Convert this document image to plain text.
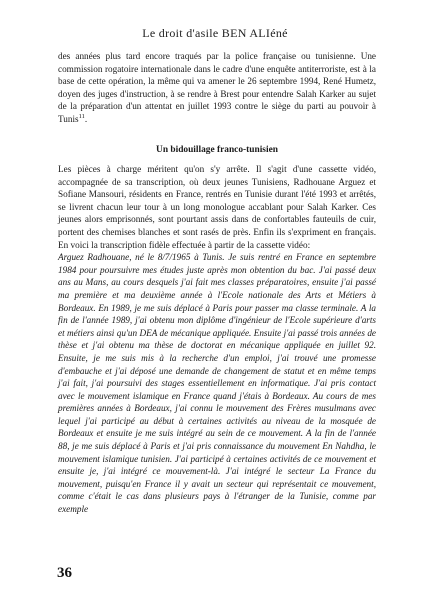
Le droit d'asile BEN ALIéné

des années plus tard encore traqués par la police française ou tunisienne. Une commission rogatoire internationale dans le cadre d'une enquête antiterroriste, est à la base de cette opération, la même qui va amener le 26 septembre 1994, René Humetz, doyen des juges d'instruction, à se rendre à Brest pour entendre Salah Karker au sujet de la préparation d'un attentat en juillet 1993 contre le siège du parti au pouvoir à Tunis$^{11}$.

Un bidouillage franco-tunisien

Les pièces à charge méritent qu'on s'y arrête. Il s'agit d'une cassette vidéo, accompagnée de sa transcription, où deux jeunes Tunisiens, Radhouane Arguez et Sofiane Mansouri, résidents en France, rentrés en Tunisie durant l'été 1993 et arrêtés, se livrent chacun leur tour à un long monologue accablant pour Salah Karker. Ces jeunes alors emprisonnés, sont pourtant assis dans de confortables fauteuils de cuir, portent des chemises blanches et sont rasés de près. Enfin ils s'expriment en français. En voici la transcription fidèle effectuée à partir de la cassette vidéo:

Arguez Radhouane, né le 8/7/1965 à Tunis. Je suis rentré en France en septembre 1984 pour poursuivre mes études juste après mon obtention du bac. J'ai passé deux ans au Mans, au cours desquels j'ai fait mes classes préparatoires, ensuite j'ai passé ma première et ma deuxième année à l'Ecole nationale des Arts et Métiers à Bordeaux. En 1989, je me suis déplacé à Paris pour passer ma classe terminale. A la fin de l'année 1989, j'ai obtenu mon diplôme d'ingénieur de l'Ecole supérieure d'arts et métiers ainsi qu'un DEA de mécanique appliquée. Ensuite j'ai passé trois années de thèse et j'ai obtenu ma thèse de doctorat en mécanique appliquée en juillet 92. Ensuite, je me suis mis à la recherche d'un emploi, j'ai trouvé une promesse d'embauche et j'ai déposé une demande de changement de statut et en même temps j'ai fait, j'ai poursuivi des stages essentiellement en informatique. J'ai pris contact avec le mouvement islamique en France quand j'étais à Bordeaux. Au cours de mes premières années à Bordeaux, j'ai connu le mouvement des Frères musulmans avec lequel j'ai participé au début à certaines activités au niveau de la mosquée de Bordeaux et ensuite je me suis intégré au sein de ce mouvement. A la fin de l'année 88, je me suis déplacé à Paris et j'ai pris connaissance du mouvement En Nahdha, le mouvement islamique tunisien. J'ai participé à certaines activités de ce mouvement et ensuite je, j'ai intégré ce mouvement-là. J'ai intégré le secteur La France du mouvement, puisqu'en France il y avait un secteur qui représentait ce mouvement, comme c'était le cas dans plusieurs pays à l'étranger de la Tunisie, comme par exemple

36
